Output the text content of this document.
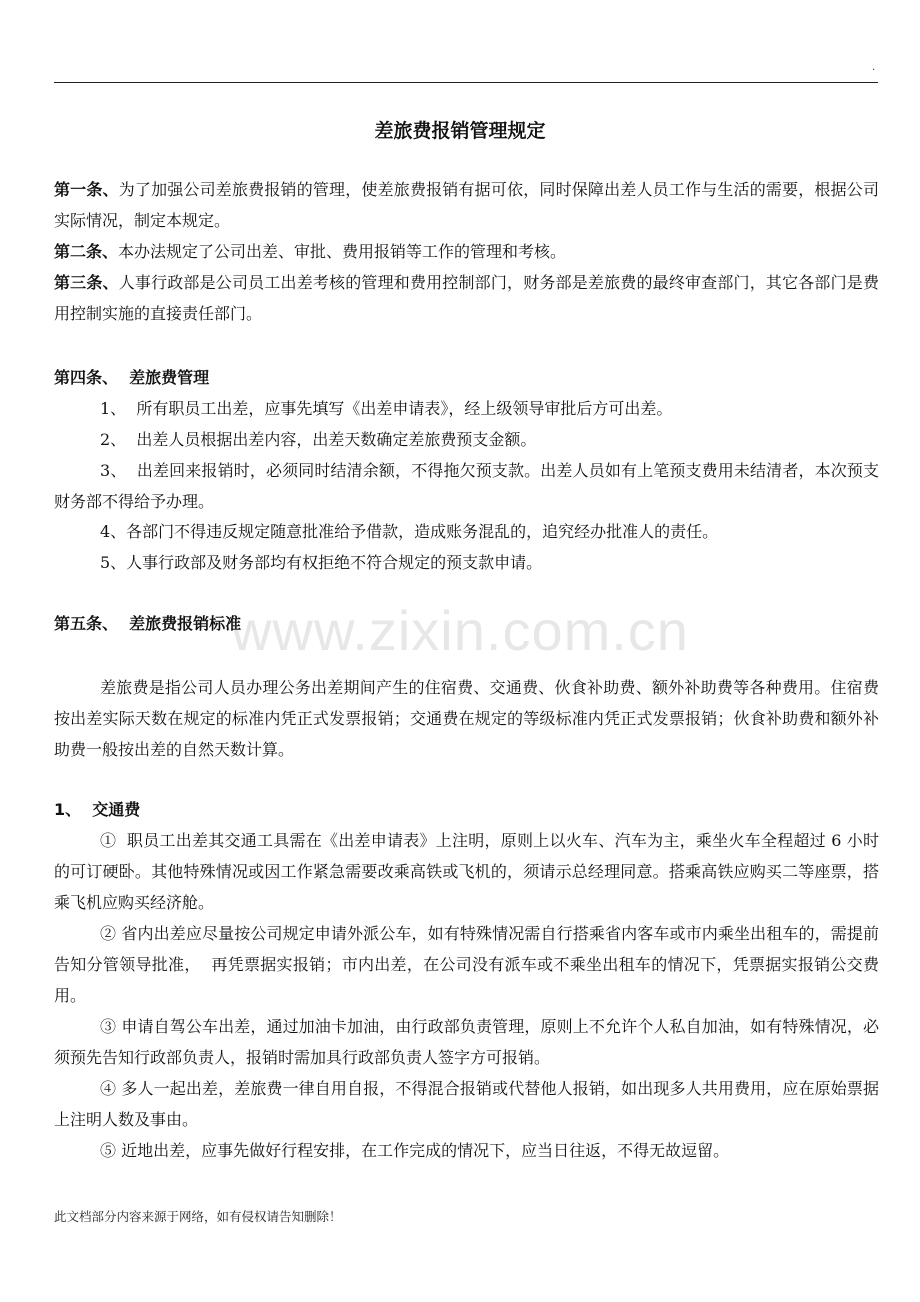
.
差旅费报销管理规定

第一条、为了加强公司差旅费报销的管理，使差旅费报销有据可依，同时保障出差人员工作与生活的需要，根据公司实际情况，制定本规定。

第二条、本办法规定了公司出差、审批、费用报销等工作的管理和考核。

第三条、人事行政部是公司员工出差考核的管理和费用控制部门，财务部是差旅费的最终审查部门，其它各部门是费用控制实施的直接责任部门。

第四条、  差旅费管理

1、  所有职员工出差，应事先填写《出差申请表》，经上级领导审批后方可出差。

2、  出差人员根据出差内容，出差天数确定差旅费预支金额。

3、  出差回来报销时，必须同时结清余额，不得拖欠预支款。出差人员如有上笔预支费用未结清者，本次预支财务部不得给予办理。

4、各部门不得违反规定随意批准给予借款，造成账务混乱的，追究经办批准人的责任。

5、人事行政部及财务部均有权拒绝不符合规定的预支款申请。

第五条、  差旅费报销标准

差旅费是指公司人员办理公务出差期间产生的住宿费、交通费、伙食补助费、额外补助费等各种费用。住宿费按出差实际天数在规定的标准内凭正式发票报销；交通费在规定的等级标准内凭正式发票报销；伙食补助费和额外补助费一般按出差的自然天数计算。

1、  交通费

①  职员工出差其交通工具需在《出差申请表》上注明，原则上以火车、汽车为主，乘坐火车全程超过 6 小时的可订硬卧。其他特殊情况或因工作紧急需要改乘高铁或飞机的，须请示总经理同意。搭乘高铁应购买二等座票，搭乘飞机应购买经济舱。

② 省内出差应尽量按公司规定申请外派公车，如有特殊情况需自行搭乘省内客车或市内乘坐出租车的，需提前告知分管领导批准，  再凭票据实报销；市内出差，在公司没有派车或不乘坐出租车的情况下，凭票据实报销公交费用。

③ 申请自驾公车出差，通过加油卡加油，由行政部负责管理，原则上不允许个人私自加油，如有特殊情况，必须预先告知行政部负责人，报销时需加具行政部负责人签字方可报销。

④ 多人一起出差，差旅费一律自用自报，不得混合报销或代替他人报销，如出现多人共用费用，应在原始票据上注明人数及事由。

⑤ 近地出差，应事先做好行程安排，在工作完成的情况下，应当日往返，不得无故逗留。

www.zixin.com.cn
此文档部分内容来源于网络，如有侵权请告知删除！
